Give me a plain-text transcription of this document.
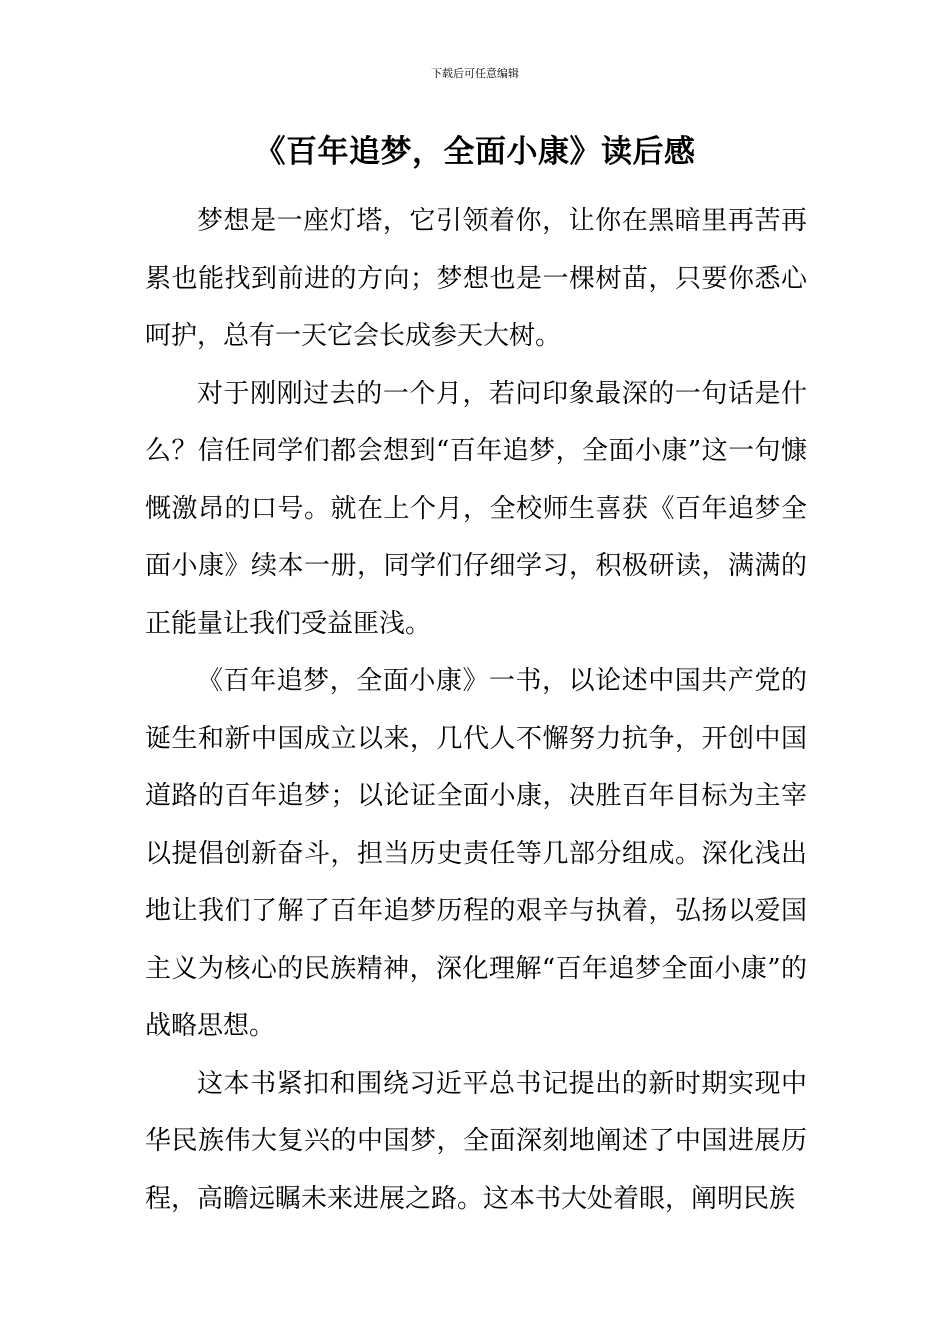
下载后可任意编辑
《百年追梦，全面小康》读后感

梦想是一座灯塔，它引领着你，让你在黑暗里再苦再累也能找到前进的方向；梦想也是一棵树苗，只要你悉心呵护，总有一天它会长成参天大树。

对于刚刚过去的一个月，若问印象最深的一句话是什么？信任同学们都会想到“百年追梦，全面小康”这一句慷慨激昂的口号。就在上个月，全校师生喜获《百年追梦全面小康》续本一册，同学们仔细学习，积极研读，满满的正能量让我们受益匪浅。

《百年追梦，全面小康》一书，以论述中国共产党的诞生和新中国成立以来，几代人不懈努力抗争，开创中国道路的百年追梦；以论证全面小康，决胜百年目标为主宰以提倡创新奋斗，担当历史责任等几部分组成。深化浅出地让我们了解了百年追梦历程的艰辛与执着，弘扬以爱国主义为核心的民族精神，深化理解“百年追梦全面小康”的战略思想。

这本书紧扣和围绕习近平总书记提出的新时期实现中华民族伟大复兴的中国梦，全面深刻地阐述了中国进展历程，高瞻远瞩未来进展之路。这本书大处着眼，阐明民族
